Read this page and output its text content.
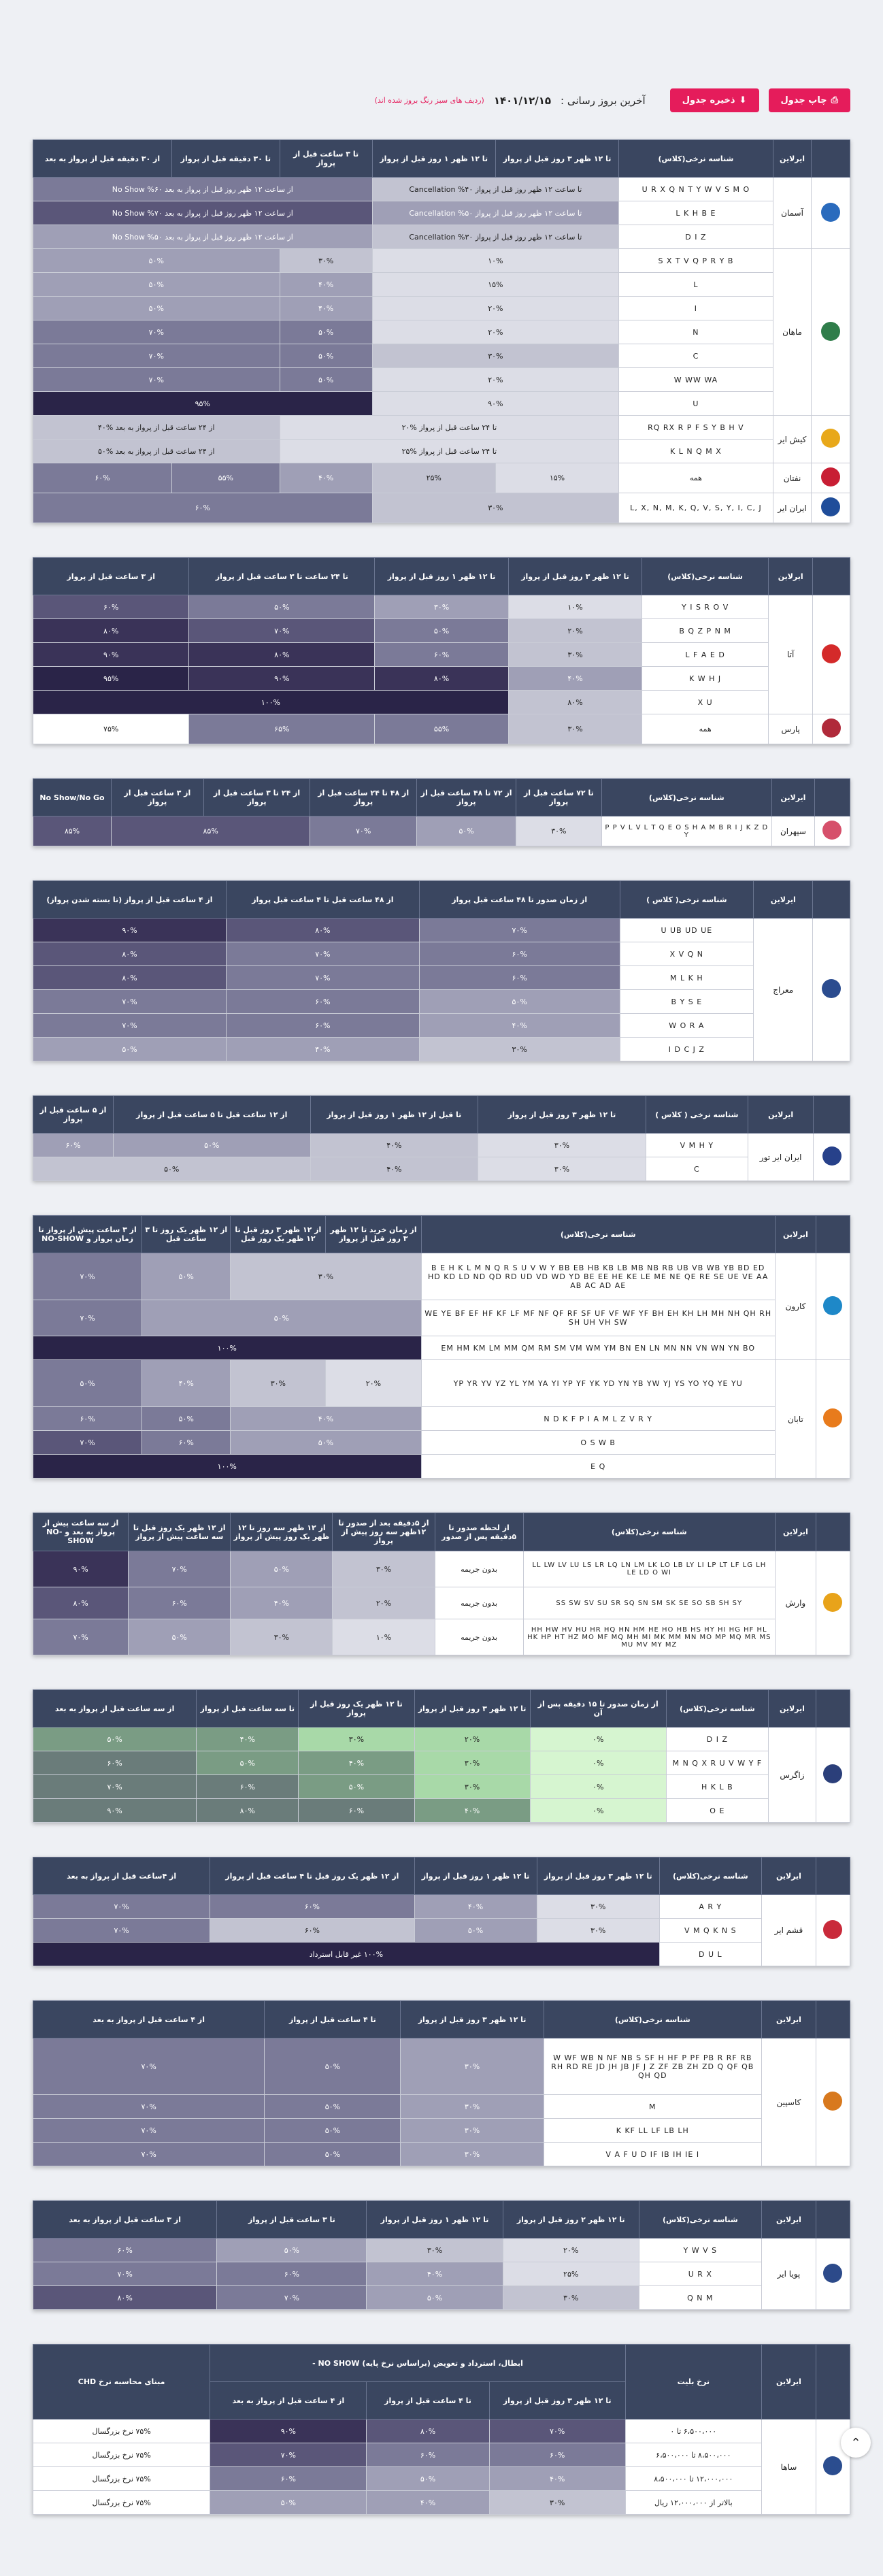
⎙
چاپ جدول
⬇
ذخیره جدول
آخرین بروز رسانی :
۱۴۰۱/۱۲/۱۵
(ردیف های سبز رنگ بروز شده اند)
	ایرلاین	شناسه نرخی(کلاس)	تا ۱۲ ظهر ۳ روز قبل از پرواز	تا ۱۲ ظهر ۱ روز قبل از پرواز	تا ۳ ساعت قبل از پرواز	تا ۳۰ دقیقه قبل از پرواز	از ۳۰ دقیقه قبل از پرواز به بعد
	آسمان	U R X Q N T Y W V S M O	تا ساعت ۱۲ ظهر روز قبل از پرواز Cancellation %۴۰		از ساعت ۱۲ ظهر روز قبل از پرواز به بعد No Show %۶۰		
		L K H B E	تا ساعت ۱۲ ظهر روز قبل از پرواز Cancellation %۵۰		از ساعت ۱۲ ظهر روز قبل از پرواز به بعد No Show %۷۰		
		D I Z	تا ساعت ۱۲ ظهر روز قبل از پرواز Cancellation %۳۰		از ساعت ۱۲ ظهر روز قبل از پرواز به بعد No Show %۵۰		
	ماهان	S X T V Q P R Y B	۱۰%		۳۰%	۵۰%	
		L	۱۵%		۴۰%	۵۰%	
		I	۲۰%		۴۰%	۵۰%	
		N	۲۰%		۵۰%	۷۰%	
		C	۳۰%		۵۰%	۷۰%	
		W WW WA	۲۰%		۵۰%	۷۰%	
		U	۹۰%		۹۵%		
	کیش ایر	RQ RX R P F S Y B H V	تا ۲۴ ساعت قبل از پرواز %۲۰			از ۲۴ ساعت قبل از پرواز به بعد %۴۰	
		K L N Q M X	تا ۲۴ ساعت قبل از پرواز %۲۵			از ۲۴ ساعت قبل از پرواز به بعد %۵۰	
	نفتان	همه	۱۵%	۲۵%	۴۰%	۵۵%	۶۰%
	ایران ایر	L, X, N, M, K, Q, V, S, Y, I, C, J	۳۰%		۶۰%		
	ایرلاین	شناسه نرخی(کلاس)	تا ۱۲ ظهر ۳ روز قبل از پرواز	تا ۱۲ ظهر ۱ روز قبل از پرواز	تا ۲۴ ساعت تا ۳ ساعت قبل از پرواز	از ۳ ساعت قبل از پرواز
	آتا	Y I S R O V	۱۰%	۳۰%	۵۰%	۶۰%
		B Q Z P N M	۲۰%	۵۰%	۷۰%	۸۰%
		L F A E D	۳۰%	۶۰%	۸۰%	۹۰%
		K W H J	۴۰%	۸۰%	۹۰%	۹۵%
		X U	۸۰%	۱۰۰%		
	پارس	همه	۳۰%	۵۵%	۶۵%	۷۵%
	ایرلاین	شناسه نرخی(کلاس)	تا ۷۲ ساعت قبل از پرواز	از ۷۲ تا ۴۸ ساعت قبل از پرواز	از ۴۸ تا ۲۴ ساعت قبل از پرواز	از ۲۴ تا ۳ ساعت قبل از پرواز	از ۳ ساعت قبل از پرواز	No Show/No Go
	سپهران	P P V L V L T Q E O S H A M B R I J K Z D Y	۳۰%	۵۰%	۷۰%	۸۵%		۸۵%
	ایرلاین	شناسه نرخی( کلاس )	از زمان صدور تا ۴۸ ساعت قبل پرواز	از ۴۸ ساعت قبل تا ۴ ساعت قبل پرواز	از ۴ ساعت قبل از پرواز (تا بسته شدن پرواز)
	معراج	U UB UD UE	۷۰%	۸۰%	۹۰%
		X V Q N	۶۰%	۷۰%	۸۰%
		M L K H	۶۰%	۷۰%	۸۰%
		B Y S E	۵۰%	۶۰%	۷۰%
		W O R A	۴۰%	۶۰%	۷۰%
		I D C J Z	۳۰%	۴۰%	۵۰%
	ایرلاین	شناسه نرخی ( کلاس )	تا ۱۲ ظهر ۳ روز قبل از پرواز	تا قبل از ۱۲ ظهر ۱ روز قبل از پرواز	از ۱۲ ساعت قبل تا ۵ ساعت قبل از پرواز	از ۵ ساعت قبل از پرواز
	ایران ایر تور	V M H Y	۳۰%	۴۰%	۵۰%	۶۰%
		C	۳۰%	۴۰%	۵۰%	
	ایرلاین	شناسه نرخی(کلاس)	از زمان خرید تا ۱۲ ظهر ۳ روز قبل از پرواز	از ۱۲ ظهر ۳ روز قبل تا ۱۲ ظهر یک روز قبل	از ۱۲ ظهر یک روز تا ۳ ساعت قبل	از ۳ ساعت پیش از پرواز تا زمان پرواز و NO-SHOW
	کارون	B E H K L M N Q R S U V W Y BB EB HB KB LB MB NB RB UB VB WB YB BD ED HD KD LD ND QD RD UD VD WD YD BE EE HE KE LE ME NE QE RE SE UE VE AA AB AC AD AE	۳۰%		۵۰%	۷۰%
		WE YE BF EF HF KF LF MF NF QF RF SF UF VF WF YF BH EH KH LH MH NH QH RH SH UH VH SW	۵۰%			۷۰%
		EM HM KM LM MM QM RM SM VM WM YM BN EN LN MN NN VN WN YN BO	۱۰۰%			
	تابان	YP YR YV YZ YL YM YA YI YP YF YK YD YN YB YW YJ YS YO YQ YE YU	۲۰%	۳۰%	۴۰%	۵۰%
		N D K F P I A M L Z V R Y	۴۰%		۵۰%	۶۰%
		O S W B	۵۰%		۶۰%	۷۰%
		E Q	۱۰۰%			
	ایرلاین	شناسه نرخی(کلاس)	از لحظه صدور تا ۵دقیقه پس از صدور	از ۵دقیقه بعد از صدور تا ۱۲ظهر سه روز پیش از پرواز	از ۱۲ ظهر سه روز تا ۱۲ ظهر یک روز پیش از پرواز	از ۱۲ ظهر یک روز قبل تا سه ساعت پیش از پرواز	از سه ساعت پیش از پرواز به بعد و NO-SHOW
	وارش	LL LW LV LU LS LR LQ LN LM LK LO LB LY LI LP LT LF LG LH LE LD O WI	بدون جریمه	۳۰%	۵۰%	۷۰%	۹۰%
		SS SW SV SU SR SQ SN SM SK SE SO SB SH SY	بدون جریمه	۲۰%	۴۰%	۶۰%	۸۰%
		HH HW HV HU HR HQ HN HM HE HO HB HS HY HI HG HF HL HK HP HT HZ MO MF MQ MH MI MK MM MN MO MP MQ MR MS MU MV MY MZ	بدون جریمه	۱۰%	۳۰%	۵۰%	۷۰%
	ایرلاین	شناسه نرخی(کلاس)	از زمان صدور تا ۱۵ دقیقه پس از آن	تا ۱۲ ظهر ۳ روز قبل از پرواز	تا ۱۲ ظهر یک روز قبل از پرواز	تا سه ساعت قبل از پرواز	از سه ساعت قبل از پرواز به بعد
	زاگرس	D I Z	۰%	۲۰%	۳۰%	۴۰%	۵۰%
		M N Q X R U V W Y F	۰%	۳۰%	۴۰%	۵۰%	۶۰%
		H K L B	۰%	۳۰%	۵۰%	۶۰%	۷۰%
		O E	۰%	۴۰%	۶۰%	۸۰%	۹۰%
	ایرلاین	شناسه نرخی(کلاس)	تا ۱۲ ظهر ۳ روز قبل از پرواز	تا ۱۲ ظهر ۱ روز قبل از پرواز	از ۱۲ ظهر یک روز قبل تا ۴ ساعت قبل از پرواز	از ۴ساعت قبل از پرواز به بعد
	قشم ایر	A R Y	۳۰%	۴۰%	۶۰%	۷۰%
		V M Q K N S	۳۰%	۵۰%	۶۰%	۷۰%
		D U L	۱۰۰% غیر قابل استرداد			
	ایرلاین	شناسه نرخی(کلاس)	تا ۱۲ ظهر ۳ روز قبل از پرواز	تا ۴ ساعت قبل از پرواز	از ۴ ساعت قبل از پرواز به بعد
	کاسپین	W WF WB N NF NB S SF H HF P PF PB R RF RB RH RD RE JD JH JB JF J Z ZF ZB ZH ZD Q QF QB QH QD	۳۰%	۵۰%	۷۰%
		M	۳۰%	۵۰%	۷۰%
		K KF LL LF LB LH	۳۰%	۵۰%	۷۰%
		V A F U D IF IB IH IE I	۳۰%	۵۰%	۷۰%
	ایرلاین	شناسه نرخی(کلاس)	تا ۱۲ ظهر ۲ روز قبل از پرواز	تا ۱۲ ظهر ۱ روز قبل از پرواز	تا ۳ ساعت قبل از پرواز	از ۳ ساعت قبل از پرواز به بعد
	پویا ایر	Y W V S	۲۰%	۳۰%	۵۰%	۶۰%
		U R X	۲۵%	۴۰%	۶۰%	۷۰%
		Q N M	۳۰%	۵۰%	۷۰%	۸۰%
	ایرلاین	نرخ بلیت	ابطال، استرداد و تعویض (براساس نرخ پایه) NO SHOW -			مبنای محاسبه نرخ CHD
			تا ۱۲ ظهر ۳ روز قبل از پرواز	تا ۴ ساعت قبل از پرواز	از ۴ ساعت قبل از پرواز به بعد	
	ساها	۶،۵۰۰،۰۰۰ تا ۰	۷۰%	۸۰%	۹۰%	۷۵% نرخ بزرگسال
		۸،۵۰۰،۰۰۰ تا ۶،۵۰۰،۰۰۰	۶۰%	۶۰%	۷۰%	۷۵% نرخ بزرگسال
		۱۲،۰۰۰،۰۰۰ تا ۸،۵۰۰،۰۰۰	۴۰%	۵۰%	۶۰%	۷۵% نرخ بزرگسال
		بالاتر از ۱۲،۰۰۰،۰۰۰ ریال	۳۰%	۴۰%	۵۰%	۷۵% نرخ بزرگسال
⌃
